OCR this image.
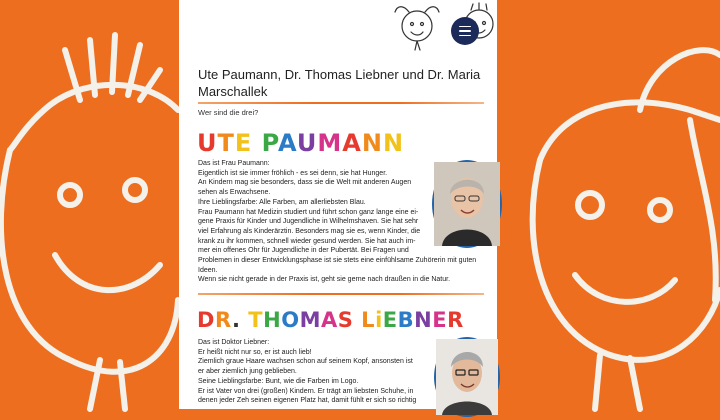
Ute Paumann, Dr. Thomas Liebner und Dr. Maria Marschallek
Wer sind die drei?
UTE PAUMANN
Das ist Frau Paumann:
Eigentlich ist sie immer fröhlich - es sei denn, sie hat Hunger.
An Kindern mag sie besonders, dass sie die Welt mit anderen Augen
sehen als Erwachsene.
Ihre Lieblingsfarbe: Alle Farben, am allerliebsten Blau.
Frau Paumann hat Medizin studiert und führt schon ganz lange eine ei-
gene Praxis für Kinder und Jugendliche in Wilhelmshaven. Sie hat sehr
viel Erfahrung als Kinderärztin. Besonders mag sie es, wenn Kinder, die
krank zu ihr kommen, schnell wieder gesund werden. Sie hat auch im-
mer ein offenes Ohr für Jugendliche in der Pubertät. Bei Fragen und
Problemen in dieser Entwicklungsphase ist sie stets eine einfühlsame Zuhörerin mit guten Ideen.
Wenn sie nicht gerade in der Praxis ist, geht sie gerne nach draußen in die Natur.
DR. THOMAS LiEBNER
Das ist Doktor Liebner:
Er heißt nicht nur so, er ist auch lieb!
Ziemlich graue Haare wachsen schon auf seinem Kopf, ansonsten ist
er aber ziemlich jung geblieben.
Seine Lieblingsfarbe: Bunt, wie die Farben im Logo.
Er ist Vater von drei (großen) Kindern. Er trägt am liebsten Schuhe, in
denen jeder Zeh seinen eigenen Platz hat, damit fühlt er sich so richtig
